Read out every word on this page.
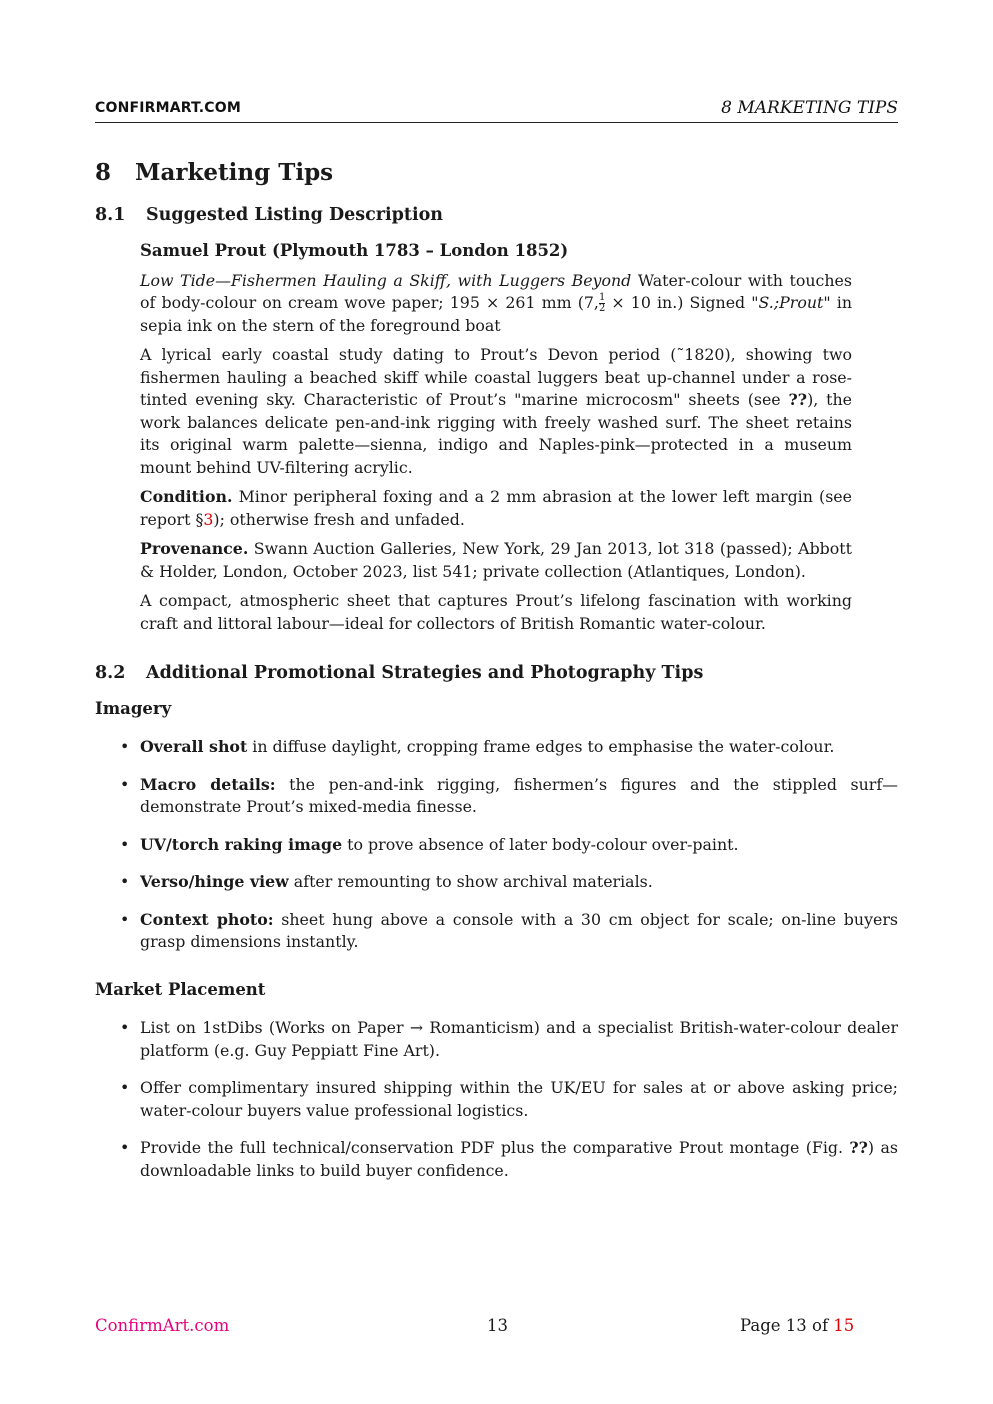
CONFIRMART.COM	8 MARKETING TIPS
8 Marketing Tips
8.1 Suggested Listing Description

Samuel Prout (Plymouth 1783 – London 1852)

Low Tide—Fishermen Hauling a Skiff, with Luggers Beyond Water-colour with touches of body-colour on cream wove paper; 195 × 261 mm (7, $\frac{1}{2} \times 10$ in.) Signed "S.;Prout" in sepia ink on the stern of the foreground boat

A lyrical early coastal study dating to Prout’s Devon period (˜1820), showing two fishermen hauling a beached skiff while coastal luggers beat up-channel under a rose-tinted evening sky. Characteristic of Prout’s "marine microcosm" sheets (see ??), the work balances delicate pen-and-ink rigging with freely washed surf. The sheet retains its original warm palette—sienna, indigo and Naples-pink—protected in a museum mount behind UV-filtering acrylic.

Condition. Minor peripheral foxing and a 2 mm abrasion at the lower left margin (see report §3); otherwise fresh and unfaded.

Provenance. Swann Auction Galleries, New York, 29 Jan 2013, lot 318 (passed); Abbott & Holder, London, October 2023, list 541; private collection (Atlantiques, London).

A compact, atmospheric sheet that captures Prout’s lifelong fascination with working craft and littoral labour—ideal for collectors of British Romantic water-colour.

8.2 Additional Promotional Strategies and Photography Tips
Imagery
• Overall shot in diffuse daylight, cropping frame edges to emphasise the water-colour.
• Macro details: the pen-and-ink rigging, fishermen’s figures and the stippled surf—demonstrate Prout’s mixed-media finesse.
• UV/torch raking image to prove absence of later body-colour over-paint.
• Verso/hinge view after remounting to show archival materials.
• Context photo: sheet hung above a console with a 30 cm object for scale; on-line buyers grasp dimensions instantly.
Market Placement
• List on 1stDibs (Works on Paper → Romanticism) and a specialist British-water-colour dealer platform (e.g. Guy Peppiatt Fine Art).
• Offer complimentary insured shipping within the UK/EU for sales at or above asking price; water-colour buyers value professional logistics.
• Provide the full technical/conservation PDF plus the comparative Prout montage (Fig. ??) as downloadable links to build buyer confidence.
ConfirmArt.com	13	Page 13 of 15
